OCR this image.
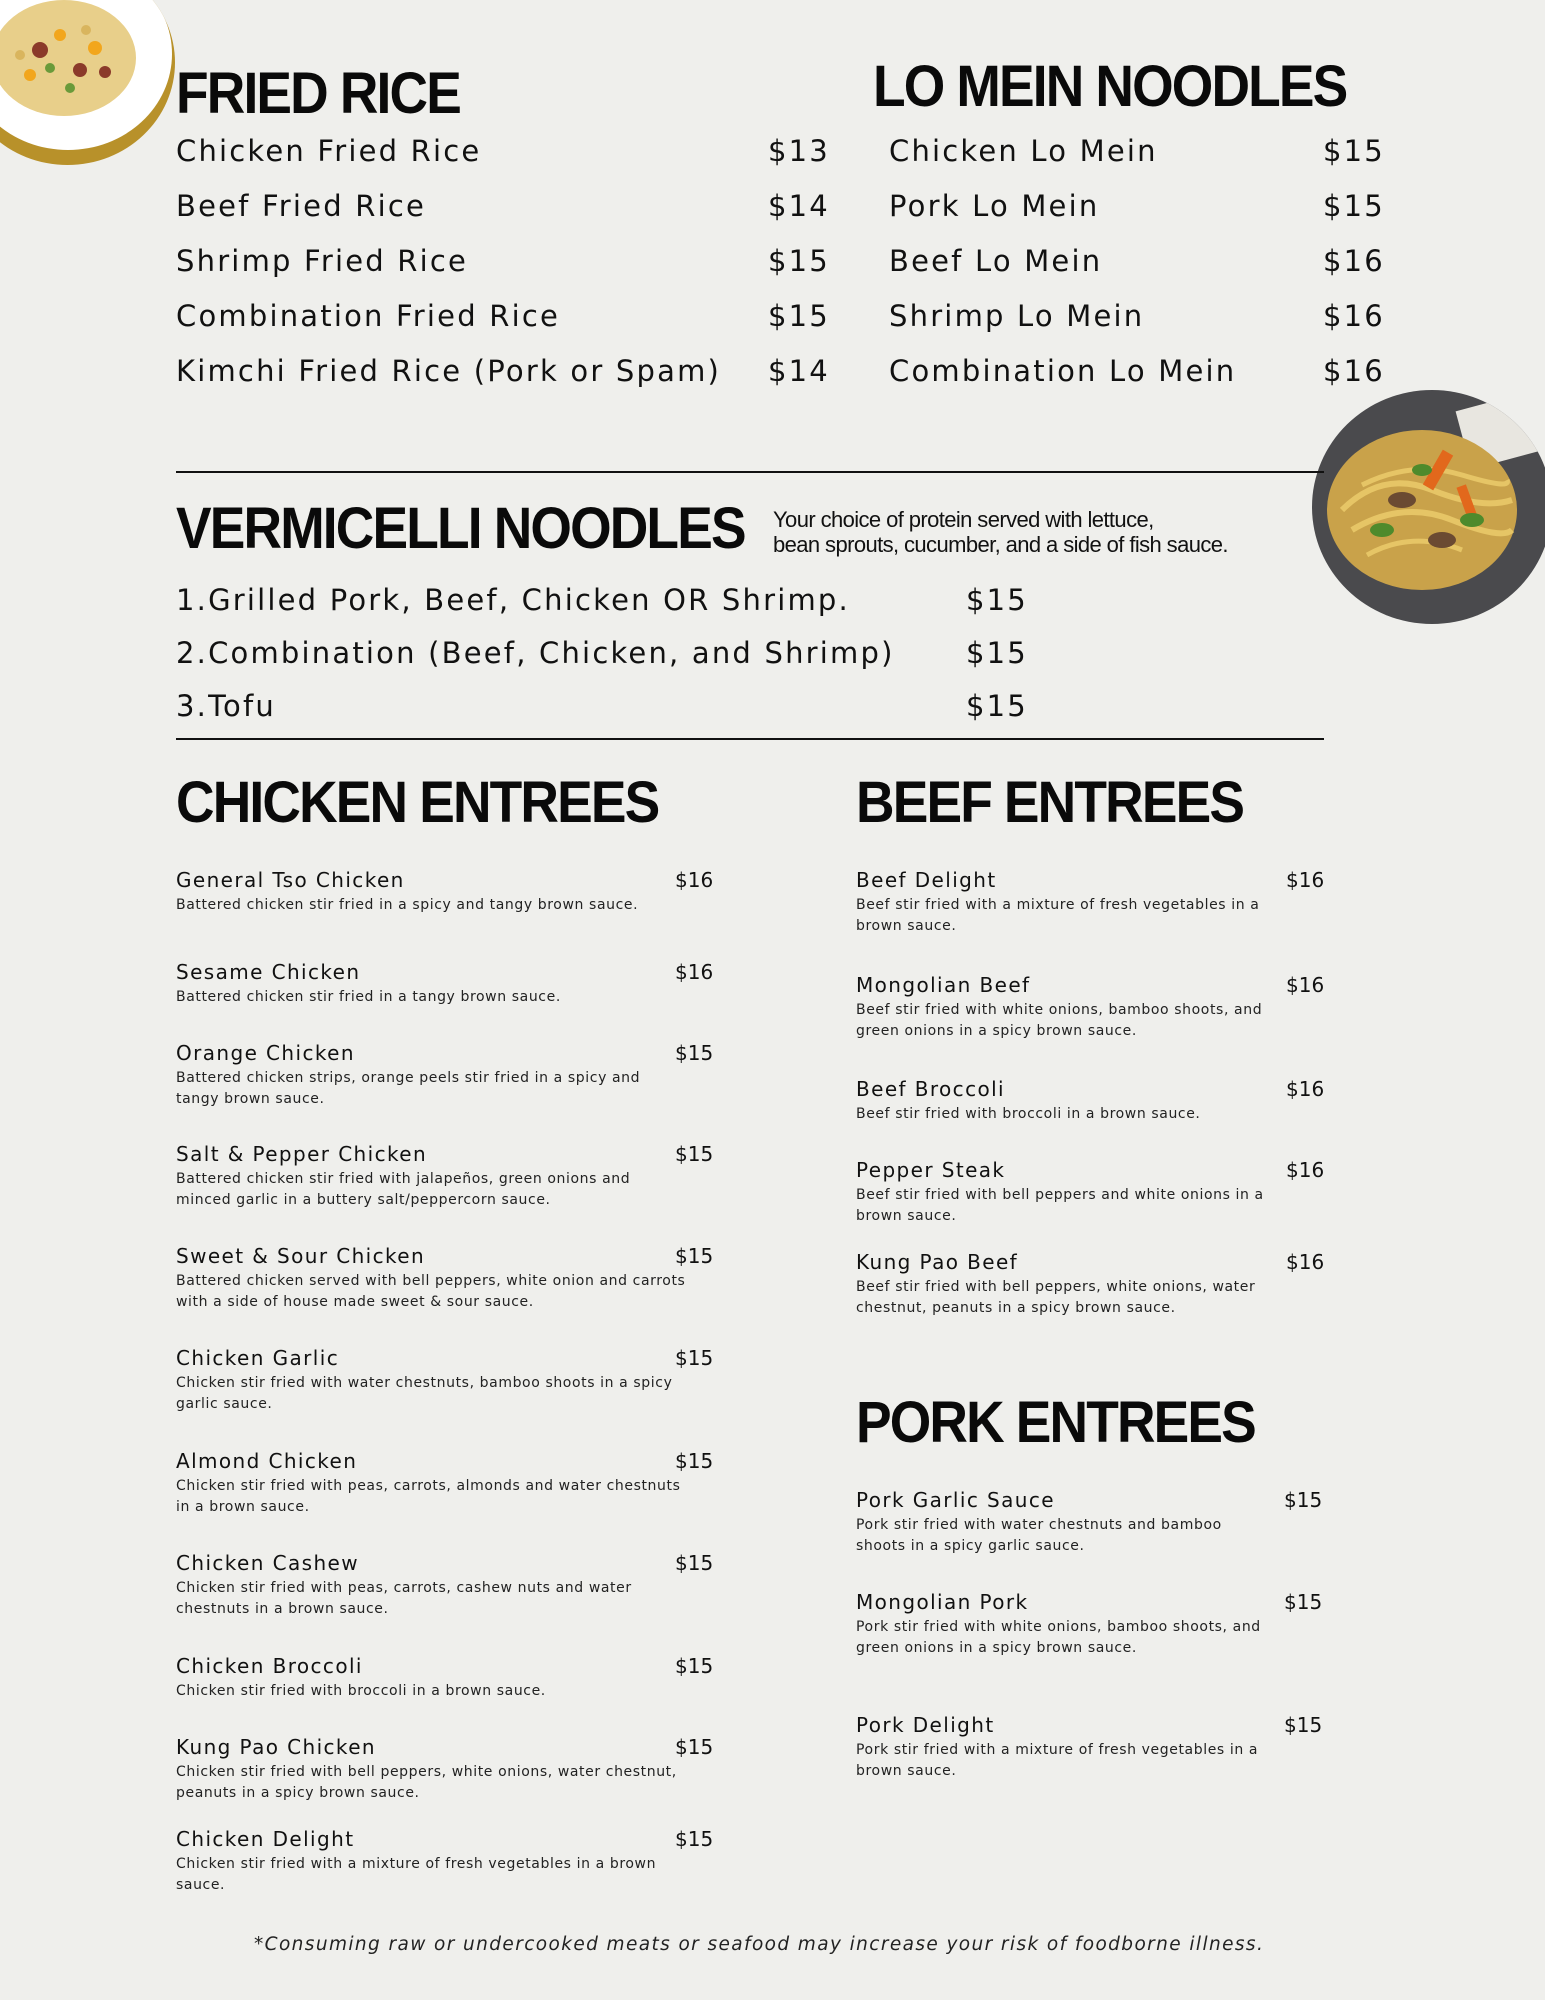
FRIED RICE
Chicken Fried Rice	$13
Beef Fried Rice	$14
Shrimp Fried Rice	$15
Combination Fried Rice	$15
Kimchi Fried Rice (Pork or Spam) $14
LO MEIN NOODLES
Chicken Lo Mein	$15
Pork Lo Mein	$15
Beef Lo Mein	$16
Shrimp Lo Mein	$16
Combination Lo Mein	$16
VERMICELLI NOODLES Your choice of protein served with lettuce,
bean sprouts, cucumber, and a side of fish sauce.
1.Grilled Pork, Beef, Chicken OR Shrimp.	$15
2.Combination (Beef, Chicken, and Shrimp) $15
3.Tofu	$15
CHICKEN ENTREES
General Tso Chicken	$16
Battered chicken stir fried in a spicy and tangy brown sauce.
Sesame Chicken	$16
Battered chicken stir fried in a tangy brown sauce.
Orange Chicken	$15
Battered chicken strips, orange peels stir fried in a spicy and tangy brown sauce.
Salt & Pepper Chicken	$15
Battered chicken stir fried with jalapeños, green onions and minced garlic in a buttery salt/peppercorn sauce.
Sweet & Sour Chicken	$15
Battered chicken served with bell peppers, white onion and carrots with a side of house made sweet & sour sauce.
Chicken Garlic	$15
Chicken stir fried with water chestnuts, bamboo shoots in a spicy garlic sauce.
Almond Chicken	$15
Chicken stir fried with peas, carrots, almonds and water chestnuts in a brown sauce.
Chicken Cashew	$15
Chicken stir fried with peas, carrots, cashew nuts and water chestnuts in a brown sauce.
Chicken Broccoli	$15
Chicken stir fried with broccoli in a brown sauce.
Kung Pao Chicken	$15
Chicken stir fried with bell peppers, white onions, water chestnut, peanuts in a spicy brown sauce.
Chicken Delight	$15
Chicken stir fried with a mixture of fresh vegetables in a brown sauce.
BEEF ENTREES
Beef Delight	$16
Beef stir fried with a mixture of fresh vegetables in a brown sauce.
Mongolian Beef	$16
Beef stir fried with white onions, bamboo shoots, and green onions in a spicy brown sauce.
Beef Broccoli	$16
Beef stir fried with broccoli in a brown sauce.
Pepper Steak	$16
Beef stir fried with bell peppers and white onions in a brown sauce.
Kung Pao Beef	$16
Beef stir fried with bell peppers, white onions, water chestnut, peanuts in a spicy brown sauce.
PORK ENTREES
Pork Garlic Sauce	$15
Pork stir fried with water chestnuts and bamboo shoots in a spicy garlic sauce.
Mongolian Pork	$15
Pork stir fried with white onions, bamboo shoots, and green onions in a spicy brown sauce.
Pork Delight	$15
Pork stir fried with a mixture of fresh vegetables in a brown sauce.
*Consuming raw or undercooked meats or seafood may increase your risk of foodborne illness.
